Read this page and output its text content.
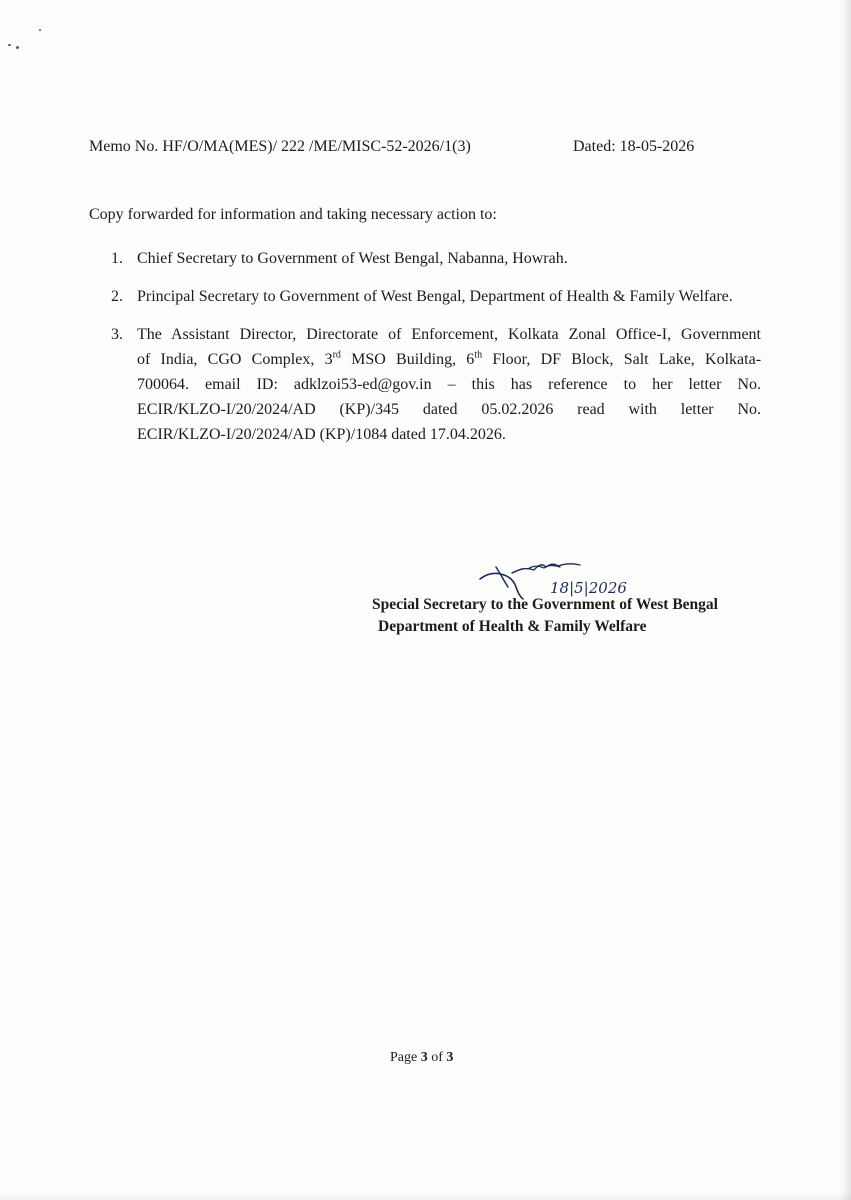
Memo No. HF/O/MA(MES)/ 222 /ME/MISC-52-2026/1(3)	Dated: 18-05-2026
Copy forwarded for information and taking necessary action to:
1. Chief Secretary to Government of West Bengal, Nabanna, Howrah.
2. Principal Secretary to Government of West Bengal, Department of Health & Family Welfare.
3. The Assistant Director, Directorate of Enforcement, Kolkata Zonal Office-I, Government
of India, CGO Complex, 3rd MSO Building, 6th Floor, DF Block, Salt Lake, Kolkata-
700064. email ID: adklzoi53-ed@gov.in – this has reference to her letter No.
ECIR/KLZO-I/20/2024/AD (KP)/345 dated 05.02.2026 read with letter No.
ECIR/KLZO-I/20/2024/AD (KP)/1084 dated 17.04.2026.
18|5|2026
Special Secretary to the Government of West Bengal
Department of Health & Family Welfare
Page 3 of 3
